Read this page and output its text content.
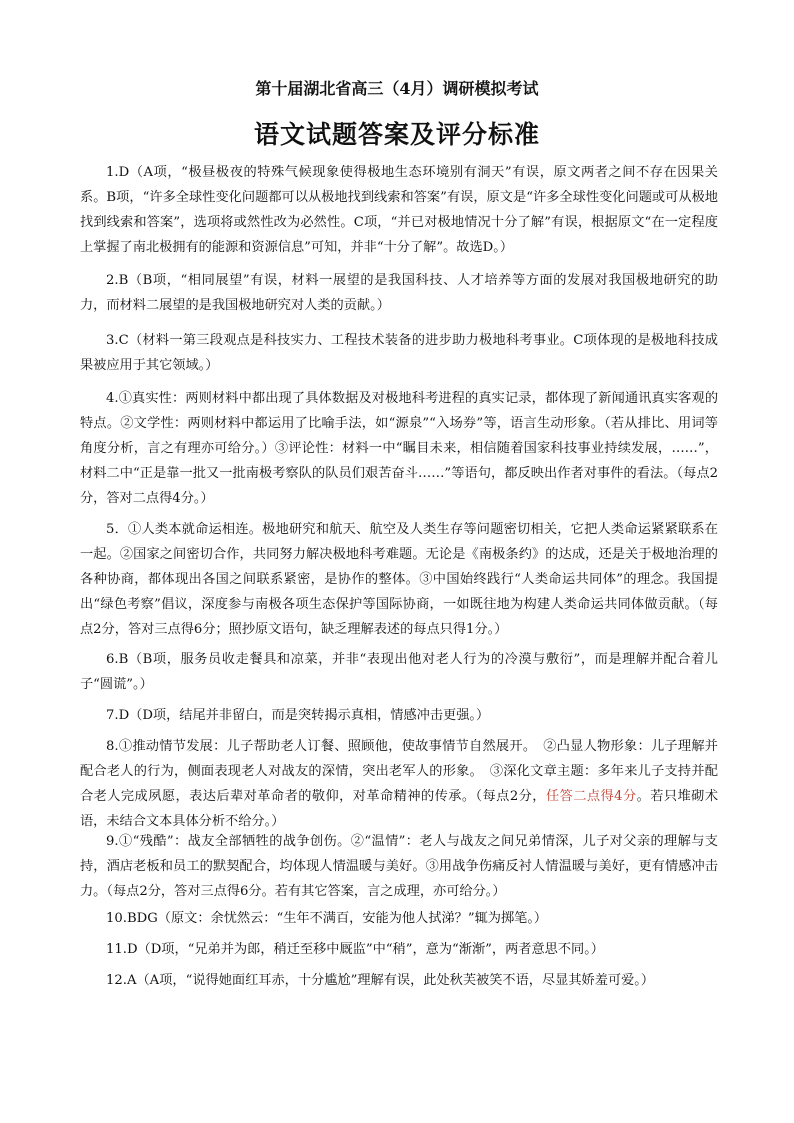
第十届湖北省高三（4月）调研模拟考试
语文试题答案及评分标准
1.D（A项，“极昼极夜的特殊气候现象使得极地生态环境别有洞天”有误，原文两者之间不存在因果关系。B项，“许多全球性变化问题都可以从极地找到线索和答案”有误，原文是“许多全球性变化问题或可从极地找到线索和答案”，选项将或然性改为必然性。C项，“并已对极地情况十分了解”有误，根据原文“在一定程度上掌握了南北极拥有的能源和资源信息”可知，并非“十分了解”。故选D。）
2.B（B项，“相同展望”有误，材料一展望的是我国科技、人才培养等方面的发展对我国极地研究的助力，而材料二展望的是我国极地研究对人类的贡献。）
3.C（材料一第三段观点是科技实力、工程技术装备的进步助力极地科考事业。C项体现的是极地科技成果被应用于其它领域。）
4.①真实性：两则材料中都出现了具体数据及对极地科考进程的真实记录，都体现了新闻通讯真实客观的特点。②文学性：两则材料中都运用了比喻手法，如“源泉”“入场券”等，语言生动形象。（若从排比、用词等角度分析，言之有理亦可给分。）③评论性：材料一中“瞩目未来，相信随着国家科技事业持续发展，……”，材料二中“正是靠一批又一批南极考察队的队员们艰苦奋斗……”等语句，都反映出作者对事件的看法。（每点2分，答对二点得4分。）
5．①人类本就命运相连。极地研究和航天、航空及人类生存等问题密切相关，它把人类命运紧紧联系在一起。②国家之间密切合作，共同努力解决极地科考难题。无论是《南极条约》的达成，还是关于极地治理的各种协商，都体现出各国之间联系紧密，是协作的整体。③中国始终践行“人类命运共同体”的理念。我国提出“绿色考察”倡议，深度参与南极各项生态保护等国际协商，一如既往地为构建人类命运共同体做贡献。（每点2分，答对三点得6分；照抄原文语句，缺乏理解表述的每点只得1分。）
6.B（B项，服务员收走餐具和凉菜，并非“表现出他对老人行为的冷漠与敷衍”，而是理解并配合着儿子“圆谎”。）
7.D（D项，结尾并非留白，而是突转揭示真相，情感冲击更强。）
8.①推动情节发展：儿子帮助老人订餐、照顾他，使故事情节自然展开。　②凸显人物形象：儿子理解并配合老人的行为，侧面表现老人对战友的深情，突出老军人的形象。　③深化文章主题：多年来儿子支持并配合老人完成夙愿，表达后辈对革命者的敬仰，对革命精神的传承。（每点2分，任答二点得4分。若只堆砌术语，未结合文本具体分析不给分。）
9.①“残酷”：战友全部牺牲的战争创伤。②“温情”：老人与战友之间兄弟情深，儿子对父亲的理解与支持，酒店老板和员工的默契配合，均体现人情温暖与美好。③用战争伤痛反衬人情温暖与美好，更有情感冲击力。（每点2分，答对三点得6分。若有其它答案，言之成理，亦可给分。）
10.BDG（原文：余忧然云：“生年不满百，安能为他人拭涕？”辄为掷笔。）
11.D（D项，“兄弟并为郎，稍迁至移中厩监”中“稍”，意为“渐渐”，两者意思不同。）
12.A（A项，“说得她面红耳赤，十分尴尬”理解有误，此处秋芙被笑不语，尽显其娇羞可爱。）
